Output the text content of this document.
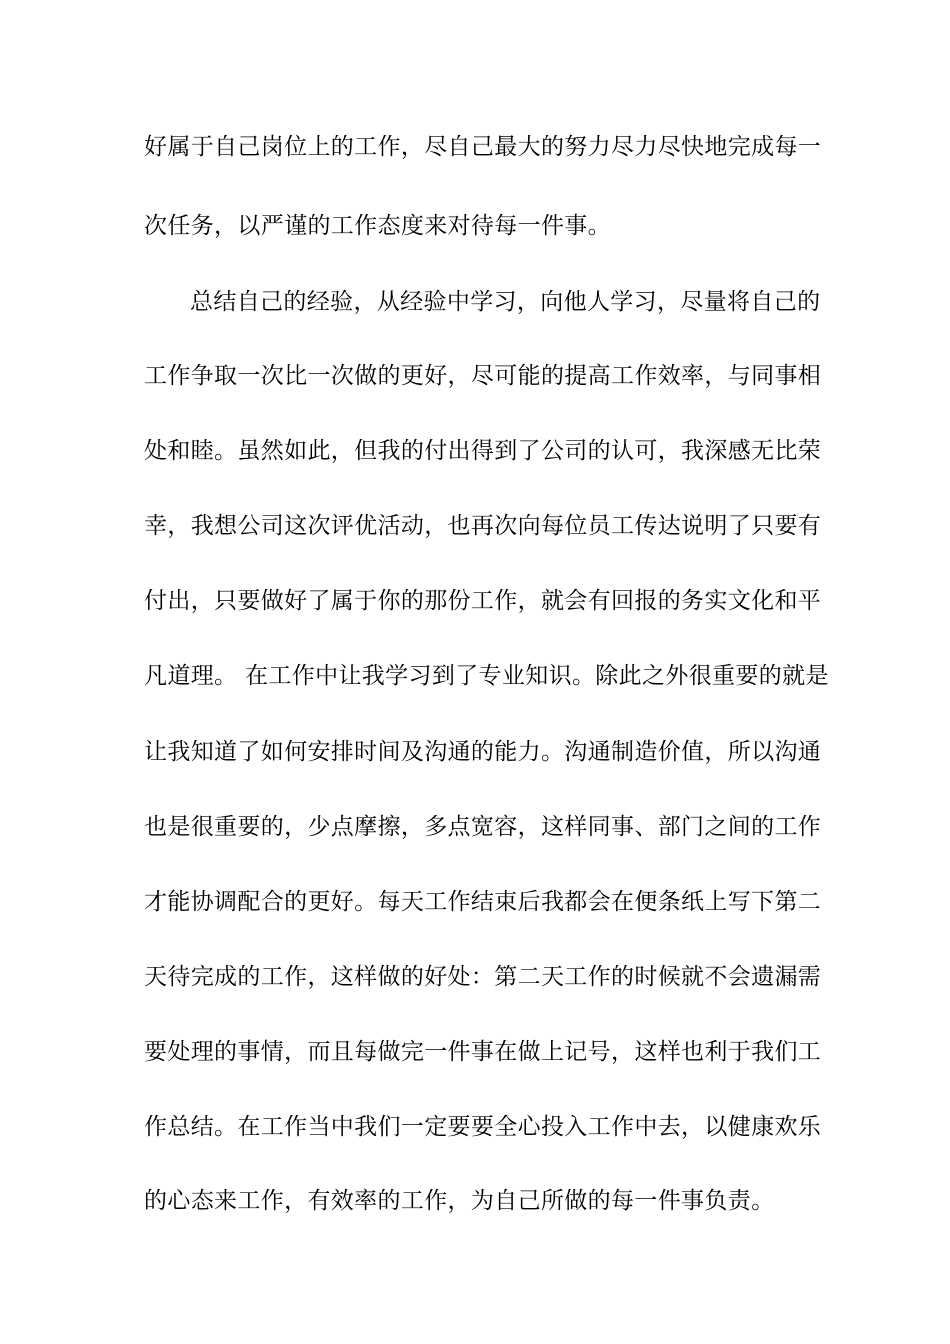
好属于自己岗位上的工作，尽自己最大的努力尽力尽快地完成每一
次任务，以严谨的工作态度来对待每一件事。
总结自己的经验，从经验中学习，向他人学习，尽量将自己的
工作争取一次比一次做的更好，尽可能的提高工作效率，与同事相
处和睦。虽然如此，但我的付出得到了公司的认可，我深感无比荣
幸，我想公司这次评优活动，也再次向每位员工传达说明了只要有
付出，只要做好了属于你的那份工作，就会有回报的务实文化和平
凡道理。 在工作中让我学习到了专业知识。除此之外很重要的就是
让我知道了如何安排时间及沟通的能力。沟通制造价值，所以沟通
也是很重要的，少点摩擦，多点宽容，这样同事、部门之间的工作
才能协调配合的更好。每天工作结束后我都会在便条纸上写下第二
天待完成的工作，这样做的好处：第二天工作的时候就不会遗漏需
要处理的事情，而且每做完一件事在做上记号，这样也利于我们工
作总结。在工作当中我们一定要要全心投入工作中去，以健康欢乐
的心态来工作，有效率的工作，为自己所做的每一件事负责。
